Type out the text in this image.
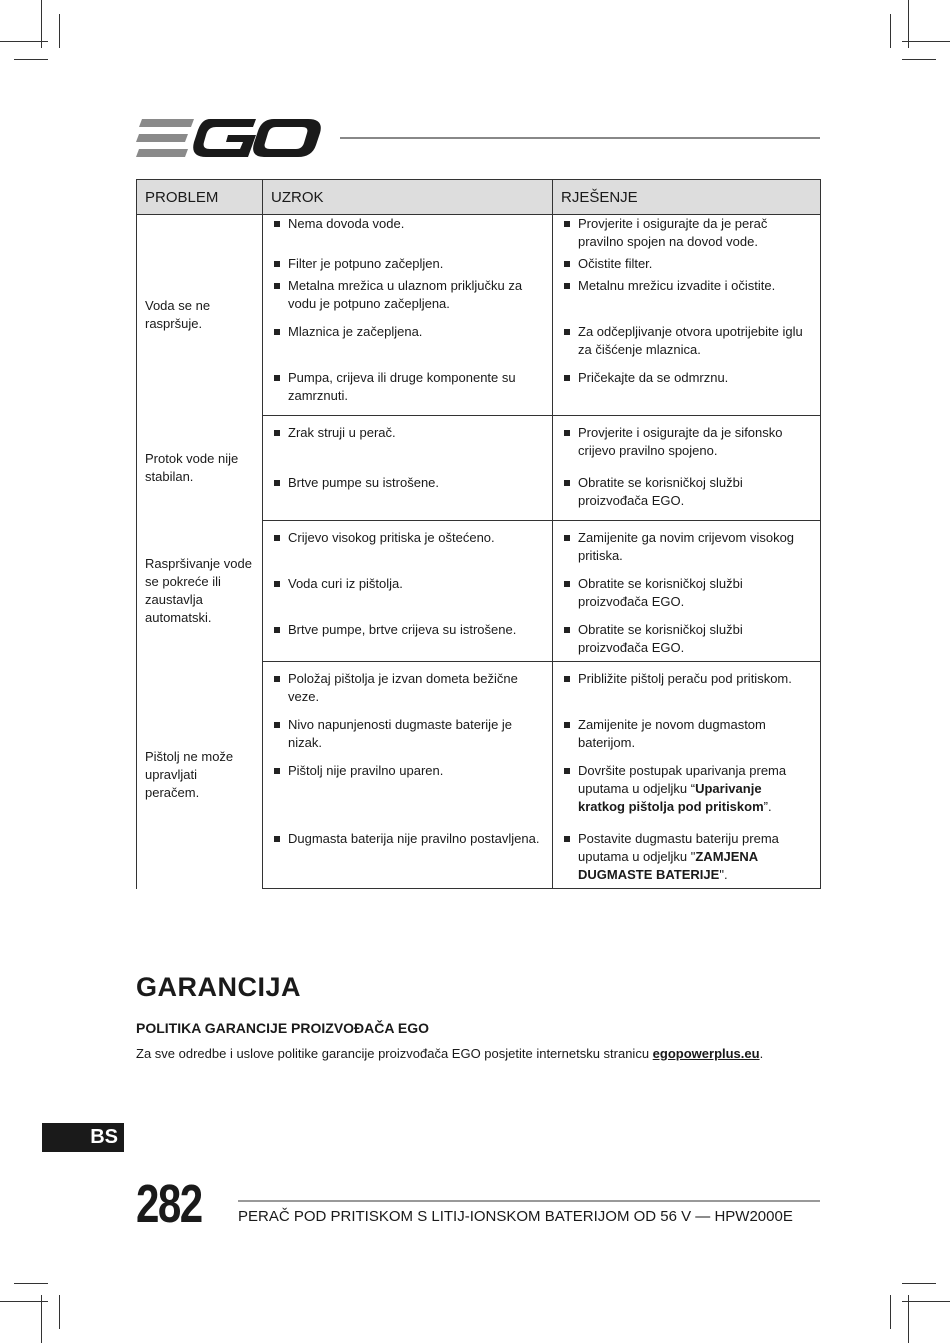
PROBLEM	UZROK	RJEŠENJE
Voda se ne raspršuje.	Nema dovoda vode.	Provjerite i osigurajte da je perač pravilno spojen na dovod vode.

	Filter je potpuno začepljen.	Očistite filter.

	Metalna mrežica u ulaznom priključku za vodu je potpuno začepljena.	Metalnu mrežicu izvadite i očistite.

	Mlaznica je začepljena.	Za odčepljivanje otvora upotrijebite iglu za čišćenje mlaznica.

	Pumpa, crijeva ili druge komponente su zamrznuti.	Pričekajte da se odmrznu.

Protok vode nije stabilan.	Zrak struji u perač.	Provjerite i osigurajte da je sifonsko crijevo pravilno spojeno.

	Brtve pumpe su istrošene.	Obratite se korisničkoj službi proizvođača EGO.

Raspršivanje vode se pokreće ili zaustavlja automatski.	Crijevo visokog pritiska je oštećeno.	Zamijenite ga novim crijevom visokog pritiska.

	Voda curi iz pištolja.	Obratite se korisničkoj službi proizvođača EGO.

	Brtve pumpe, brtve crijeva su istrošene.	Obratite se korisničkoj službi proizvođača EGO.

Pištolj ne može upravljati peračem.	Položaj pištolja je izvan dometa bežične veze.	Približite pištolj peraču pod pritiskom.

	Nivo napunjenosti dugmaste baterije je nizak.	Zamijenite je novom dugmastom baterijom.

	Pištolj nije pravilno uparen.	Dovršite postupak uparivanja prema uputama u odjeljku “Uparivanje kratkog pištolja pod pritiskom”.

	Dugmasta baterija nije pravilno postavljena.	Postavite dugmastu bateriju prema uputama u odjeljku "ZAMJENA DUGMASTE BATERIJE".
GARANCIJA
POLITIKA GARANCIJE PROIZVOĐAČA EGO

Za sve odredbe i uslove politike garancije proizvođača EGO posjetite internetsku stranicu egopowerplus.eu.

BS
282 PERAČ POD PRITISKOM S LITIJ-IONSKOM BATERIJOM OD 56 V — HPW2000E
